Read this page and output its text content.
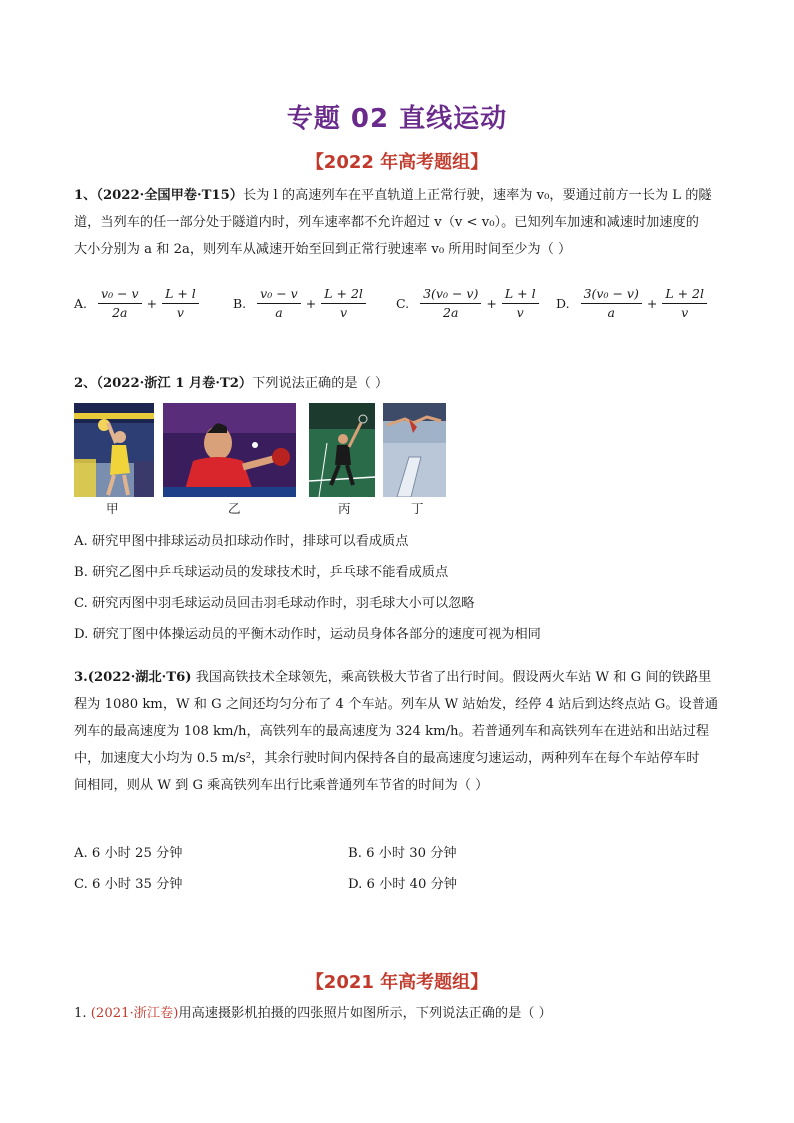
专题 02 直线运动
【2022 年高考题组】
1、（2022·全国甲卷·T15）长为 l 的高速列车在平直轨道上正常行驶，速率为 v₀，要通过前方一长为 L 的隧
道，当列车的任一部分处于隧道内时，列车速率都不允许超过 v（v < v₀）。已知列车加速和减速时加速度的
大小分别为 a 和 2a，则列车从减速开始至回到正常行驶速率 v₀ 所用时间至少为（ ）
A. $\frac{\text{v₀ − v}}{2a} + \frac{L + l}{v}$	B. $\frac{\text{v₀ − v}}{a} + \frac{L + 2l}{v} C$. $\frac{\text{3(v₀ − v)}}{2a} + \frac{L + l}{v} D$. $\frac{\text{3(v₀ − v)}}{a} + \frac{L + 2l}{v}$
2、（2022·浙江 1 月卷·T2）下列说法正确的是（ ）
甲	乙	丙	丁
A. 研究甲图中排球运动员扣球动作时，排球可以看成质点
B. 研究乙图中乒乓球运动员的发球技术时，乒乓球不能看成质点
C. 研究丙图中羽毛球运动员回击羽毛球动作时，羽毛球大小可以忽略
D. 研究丁图中体操运动员的平衡木动作时，运动员身体各部分的速度可视为相同
3.(2022·湖北·T6) 我国高铁技术全球领先，乘高铁极大节省了出行时间。假设两火车站 W 和 G 间的铁路里
程为 1080 km，W 和 G 之间还均匀分布了 4 个车站。列车从 W 站始发，经停 4 站后到达终点站 G。设普通
列车的最高速度为 108 km/h，高铁列车的最高速度为 324 km/h。若普通列车和高铁列车在进站和出站过程
中，加速度大小均为 0.5 m/s²，其余行驶时间内保持各自的最高速度匀速运动，两种列车在每个车站停车时
间相同，则从 W 到 G 乘高铁列车出行比乘普通列车节省的时间为（ ）
A. 6 小时 25 分钟	B. 6 小时 30 分钟
C. 6 小时 35 分钟	D. 6 小时 40 分钟
【2021 年高考题组】
1. (2021·浙江卷)用高速摄影机拍摄的四张照片如图所示，下列说法正确的是（ ）
